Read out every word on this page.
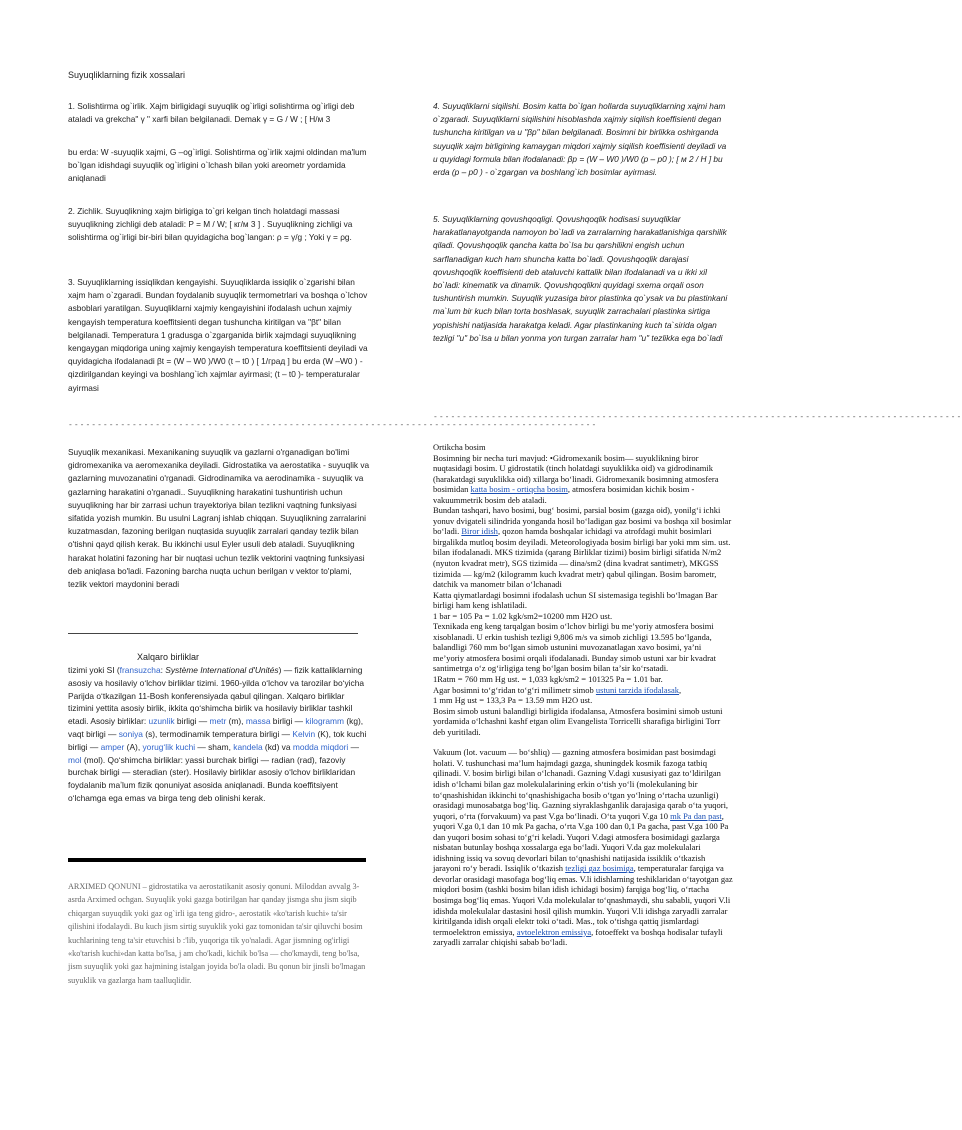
Suyuqliklarning fizik xossalari

1. Solishtirma og`irlik. Xajm birligidagi suyuqlik og`irligi solishtirma og`irligi deb ataladi va grekcha" γ " xarfi bilan belgilanadi. Demak γ = G / W ; [ H/м 3

bu erda: W -suyuqlik xajmi, G –og`irligi. Solishtirma og`irlik xajmi oldindan ma'lum bo`lgan idishdagi suyuqlik og`irligini o`lchash bilan yoki areometr yordamida aniqlanadi

2. Zichlik. Suyuqlikning xajm birligiga to`gri kelgan tinch holatdagi massasi suyuqlikning zichligi deb ataladi: P = M / W; [ кг/м 3 ] . Suyuqlikning zichligi va solishtirma og`irligi bir-biri bilan quyidagicha bog`langan: ρ = γ/g ; Yoki γ = ρg.

3. Suyuqliklarning issiqlikdan kengayishi. Suyuqliklarda issiqlik o`zgarishi bilan xajm ham o`zgaradi. Bundan foydalanib suyuqlik termometrlari va boshqa o`lchov asboblari yaratilgan. Suyuqliklarni xajmiy kengayishini ifodalash uchun xajmiy kengayish temperatura koeffitsienti degan tushuncha kiritilgan va "βt" bilan belgilanadi. Temperatura 1 gradusga o`zgarganida birlik xajmdagi suyuqlikning kengaygan miqdoriga uning xajmiy kengayish temperatura koeffitsienti deyiladi va quyidagicha ifodalanadi βt = (W – W0 )/W0 (t – t0 ) [ 1/град ] bu erda (W –W0 ) - qizdirilgandan keyingi va boshlang`ich xajmlar ayirmasi; (t – t0 )- temperaturalar ayirmasi

-------------------------------------------------------------------------------------------

Suyuqlik mexanikasi. Mexanikaning suyuqlik va gazlarni o'rganadigan bo'limi gidromexanika va aeromexanika deyiladi. Gidrostatika va aerostatika - suyuqlik va gazlarning muvozanatini o'rganadi. Gidrodinamika va aerodinamika - suyuqlik va gazlarning harakatini o'rganadi.. Suyuqlikning harakatini tushuntirish uchun suyuqlikning har bir zarrasi uchun trayektoriya bilan tezlikni vaqtning funksiyasi sifatida yozish mumkin. Bu usulni Lagranj ishlab chiqqan. Suyuqlikning zarralarini kuzatmasdan, fazoning berilgan nuqtasida suyuqlik zarralari qanday tezlik bilan o'tishni qayd qilish kerak. Bu ikkinchi usul Eyler usuli deb ataladi. Suyuqlikning harakat holatini fazoning har bir nuqtasi uchun tezlik vektorini vaqtning funksiyasi deb aniqlasa bo'ladi. Fazoning barcha nuqta uchun berilgan v vektor to'plami, tezlik vektori maydonini beradi

Xalqaro birliklar

tizimi yoki SI (fransuzcha: Système International d'Unités) — fizik kattaliklarning asosiy va hosilaviy oʻlchov birliklar tizimi. 1960-yilda oʻlchov va tarozilar boʻyicha Parijda oʻtkazilgan 11-Bosh konferensiyada qabul qilingan. Xalqaro birliklar tizimini yettita asosiy birlik, ikkita qoʻshimcha birlik va hosilaviy birliklar tashkil etadi. Asosiy birliklar: uzunlik birligi — metr (m), massa birligi — kilogramm (kg), vaqt birligi — soniya (s), termodinamik temperatura birligi — Kelvin (K), tok kuchi birligi — amper (A), yorugʻlik kuchi — sham, kandela (kd) va modda miqdori — mol (mol). Qoʻshimcha birliklar: yassi burchak birligi — radian (rad), fazoviy burchak birligi — steradian (ster). Hosilaviy birliklar asosiy oʻlchov birliklaridan foydalanib maʼlum fizik qonuniyat asosida aniqlanadi. Bunda koeffitsiyent oʻlchamga ega emas va birga teng deb olinishi kerak.

ARXIMED QONUNI – gidrostatika va aerostatikanit asosiy qonuni. Miloddan avvalg 3-asrda Arximed ochgan. Suyuqlik yoki gazga botirilgan har qanday jismga shu jism siqib chiqargan suyuqdik yoki gaz og`irli iga teng gidro-, aerostatik «ko'tarish kuchi» ta'sir qilishini ifodalaydi. Bu kuch jism sirtig suyuklik yoki gaz tomonidan ta'sir qiluvchi bosim kuchlarining teng ta'sir etuvchisi b :'lib, yuqoriga tik yo'naladi. Agar jismning og'irligi «ko'tarish kuchi»dan katta bo'lsa, j am cho'kadi, kichik bo'lsa — cho'kmaydi, teng bo'lsa, jism suyuqlik yoki gaz hajmining istalgan joyida bo'la oladi. Bu qonun bir jinsli bo'lmagan suyuklik va gazlarga ham taalluqlidir.

4. Suyuqliklarni siqilishi. Bosim katta bo`lgan hollarda suyuqliklarning xajmi ham o`zgaradi. Suyuqliklarni siqilishini hisoblashda xajmiy siqilish koeffisienti degan tushuncha kiritilgan va u "βp" bilan belgilanadi. Bosimni bir birlikka oshirganda suyuqlik xajm birligining kamaygan miqdori xajmiy siqilish koeffisienti deyiladi va u quyidagi formula bilan ifodalanadi: βp = (W – W0 )/W0 (p – p0 ); [ м 2 / H ] bu erda (p – p0 ) - o`zgargan va boshlang`ich bosimlar ayirmasi.

5. Suyuqliklarning qovushqoqligi. Qovushqoqlik hodisasi suyuqliklar harakatlanayotganda namoyon bo`ladi va zarralarning harakatlanishiga qarshilik qiladi. Qovushqoqlik qancha katta bo`lsa bu qarshilikni engish uchun sarflanadigan kuch ham shuncha katta bo`ladi. Qovushqoqlik darajasi qovushqoqlik koeffisienti deb ataluvchi kattalik bilan ifodalanadi va u ikki xil bo`ladi: kinematik va dinamik. Qovushqoqlikni quyidagi sxema orqali oson tushuntirish mumkin. Suyuqlik yuzasiga biror plastinka qo`ysak va bu plastinkani ma`lum bir kuch bilan torta boshlasak, suyuqlik zarrachalari plastinka sirtiga yopishishi natijasida harakatga keladi. Agar plastinkaning kuch ta`sirida olgan tezligi "u" bo`lsa u bilan yonma yon turgan zarralar ham "u" tezlikka ega bo`ladi

-------------------------------------------------------------------------------------------

Ortikcha bosim

Bosimning bir necha turi mavjud: •Gidromexanik bosim— suyuklikning biror nuqtasidagi bosim. U gidrostatik (tinch holatdagi suyuklikka oid) va gidrodinamik (harakatdagi suyuklikka oid) xillarga boʻlinadi. Gidromexanik bosimning atmosfera bosimidan katta bosim - ortiqcha bosim, atmosfera bosimidan kichik bosim - vakuummetrik bosim deb ataladi.

Bundan tashqari, havo bosimi, bugʻ bosimi, parsial bosim (gazga oid), yonilgʻi ichki yonuv dvigateli silindrida yonganda hosil boʻladigan gaz bosimi va boshqa xil bosimlar boʻladi. Biror idish, qozon hamda boshqalar ichidagi va atrofdagi muhit bosimlari birgalikda mutloq bosim deyiladi. Meteorologiyada bosim birligi bar yoki mm sim. ust. bilan ifodalanadi. MKS tizimida (qarang Birliklar tizimi) bosim birligi sifatida N/m2 (nyuton kvadrat metr), SGS tizimida — dina/sm2 (dina kvadrat santimetr), MKGSS tizimida — kg/m2 (kilogramm kuch kvadrat metr) qabul qilingan. Bosim barometr, datchik va manometr bilan oʻlchanadi

Katta qiymatlardagi bosimni ifodalash uchun SI sistemasiga tegishli boʻlmagan Bar birligi ham keng ishlatiladi.

1 bar = 105 Pa = 1.02 kgk/sm2=10200 mm H2O ust.

Texnikada eng keng tarqalgan bosim oʻlchov birligi bu meʼyoriy atmosfera bosimi xisoblanadi. U erkin tushish tezligi 9,806 m/s va simob zichligi 13.595 boʻlganda, balandligi 760 mm boʻlgan simob ustunini muvozanatlagan xavo bosimi, yaʼni meʼyoriy atmosfera bosimi orqali ifodalanadi. Bunday simob ustuni xar bir kvadrat santimetrga oʻz ogʻirligiga teng boʻlgan bosim bilan taʼsir koʻrsatadi.

1Ratm = 760 mm Hg ust. = 1,033 kgk/sm2 = 101325 Pa = 1.01 bar.

Agar bosimni toʻgʻridan toʻgʻri milimetr simob ustuni tarzida ifodalasak,

1 mm Hg ust = 133,3 Pa = 13.59 mm H2O ust.

Bosim simob ustuni balandligi birligida ifodalansa, Atmosfera bosimini simob ustuni yordamida oʻlchashni kashf etgan olim Evangelista Torricelli sharafiga birligini Torr deb yuritiladi.

Vakuum (lot. vacuum — boʻshliq) — gazning atmosfera bosimidan past bosimdagi holati. V. tushunchasi maʼlum hajmdagi gazga, shuningdek kosmik fazoga tatbiq qilinadi. V. bosim birligi bilan oʻlchanadi. Gazning V.dagi xususiyati gaz toʻldirilgan idish oʻlchami bilan gaz molekulalarining erkin oʻtish yoʻli (molekulaning bir toʻqnashishidan ikkinchi toʻqnashishigacha bosib oʻtgan yoʻlning oʻrtacha uzunligi) orasidagi munosabatga bogʻliq. Gazning siyraklashganlik darajasiga qarab oʻta yuqori, yuqori, oʻrta (forvakuum) va past V.ga boʻlinadi. Oʻta yuqori V.ga 10 mk Pa dan past, yuqori V.ga 0,1 dan 10 mk Pa gacha, oʻrta V.ga 100 dan 0,1 Pa gacha, past V.ga 100 Pa dan yuqori bosim sohasi toʻgʻri keladi. Yuqori V.dagi atmosfera bosimidagi gazlarga nisbatan butunlay boshqa xossalarga ega boʻladi. Yuqori V.da gaz molekulalari idishning issiq va sovuq devorlari bilan toʻqnashishi natijasida issiklik oʻtkazish jarayoni roʻy beradi. Issiqlik oʻtkazish tezligi gaz bosimiga, temperaturalar farqiga va devorlar orasidagi masofaga bogʻliq emas. V.li idishlarning teshiklaridan oʻtayotgan gaz miqdori bosim (tashki bosim bilan idish ichidagi bosim) farqiga bogʻliq, oʻrtacha bosimga bogʻliq emas. Yuqori V.da molekulalar toʻqnashmaydi, shu sababli, yuqori V.li idishda molekulalar dastasini hosil qilish mumkin. Yuqori V.li idishga zaryadli zarralar kiritilganda idish orqali elektr toki oʻtadi. Mas., tok oʻtishga qattiq jismlardagi termoelektron emissiya, avtoelektron emissiya, fotoeffekt va boshqa hodisalar tufayli zaryadli zarralar chiqishi sabab boʻladi.
